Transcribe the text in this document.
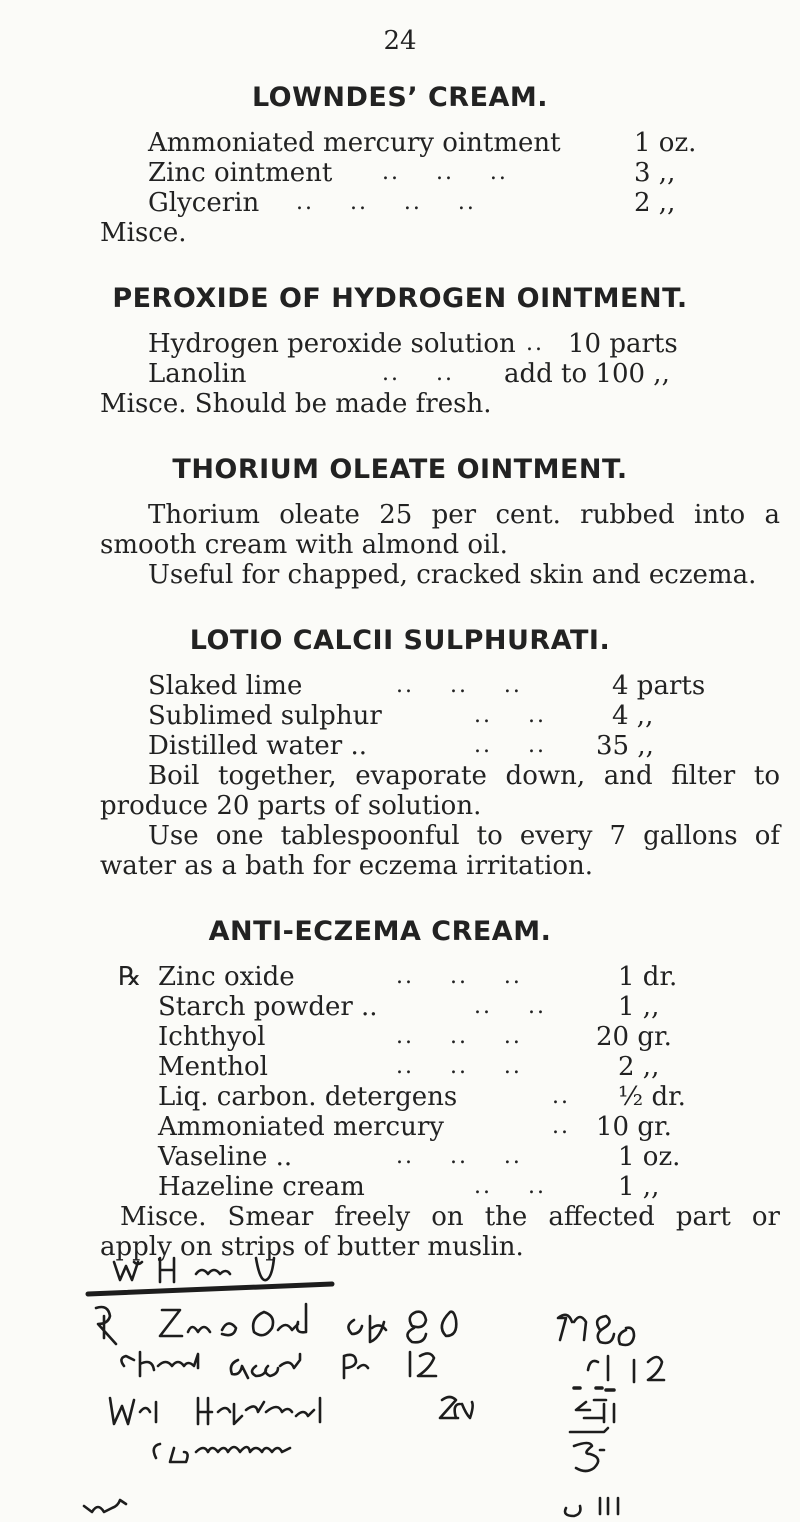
24
LOWNDES’ CREAM.
Ammoniated mercury ointment	1 oz.
Zinc ointment ..    ..    ..	3 ,,
Glycerin ..    ..    ..    ..	2 ,,
Misce.
PEROXIDE OF HYDROGEN OINTMENT.
Hydrogen peroxide solution .. 10 parts
Lanolin	..    .. add to 100 ,,
Misce. Should be made fresh.
THORIUM OLEATE OINTMENT.
Thorium oleate 25 per cent. rubbed into a
smooth cream with almond oil.
Useful for chapped, cracked skin and eczema.
LOTIO CALCII SULPHURATI.
Slaked lime	..    ..    ..	4 parts
Sublimed sulphur	..    ..	4 ,,
Distilled water ..	..    .. 35 ,,
Boil together, evaporate down, and filter to
produce 20 parts of solution.
Use one tablespoonful to every 7 gallons of
water as a bath for eczema irritation.
ANTI-ECZEMA CREAM.
℞ Zinc oxide	..    ..    ..	1 dr.
Starch powder ..	..    ..	1 ,,
Ichthyol	..    ..    ..	20 gr.
Menthol	..    ..    ..	2 ,,
Liq. carbon. detergens	.. ½ dr.
Ammoniated mercury	.. 10 gr.
Vaseline ..	..    ..    ..	1 oz.
Hazeline cream	..    ..	1 ,,
Misce. Smear freely on the affected part or
apply on strips of butter muslin.
